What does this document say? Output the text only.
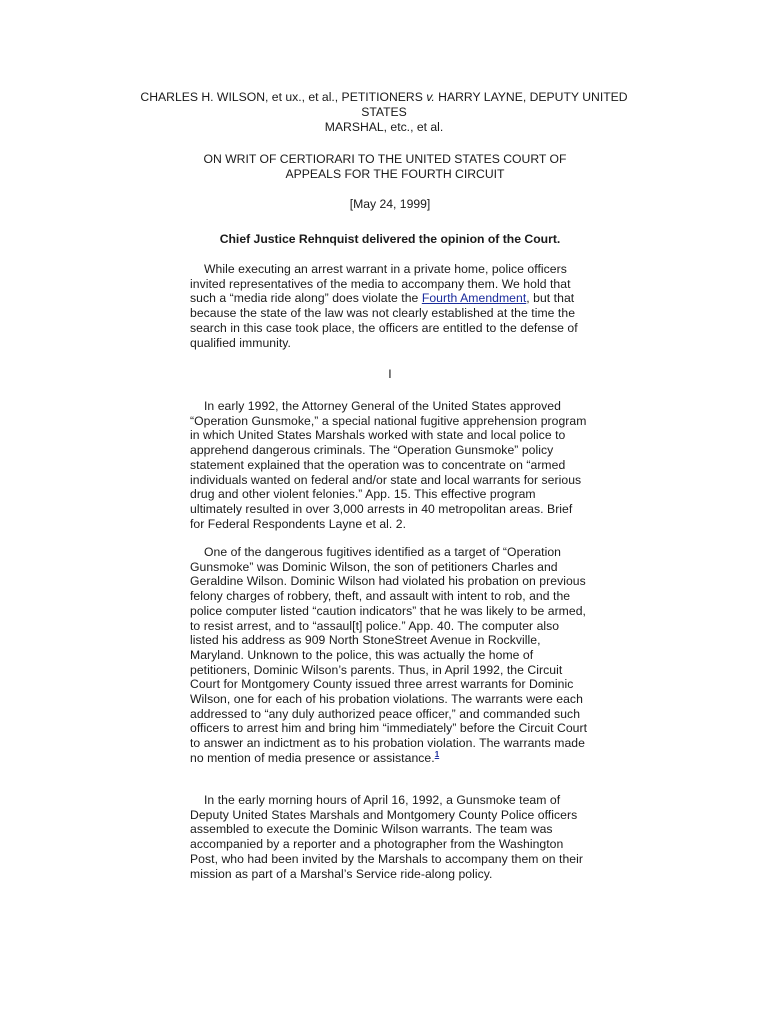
CHARLES H. WILSON, et ux., et al., PETITIONERS v. HARRY LAYNE, DEPUTY UNITED STATES
MARSHAL, etc., et al.
ON WRIT OF CERTIORARI TO THE UNITED STATES COURT OF
APPEALS FOR THE FOURTH CIRCUIT
[May 24, 1999]
Chief Justice Rehnquist delivered the opinion of the Court.

While executing an arrest warrant in a private home, police officers invited representatives of the media to accompany them. We hold that such a “media ride along” does violate the Fourth Amendment, but that because the state of the law was not clearly established at the time the search in this case took place, the officers are entitled to the defense of qualified immunity.

I

In early 1992, the Attorney General of the United States approved “Operation Gunsmoke,” a special national fugitive apprehension program in which United States Marshals worked with state and local police to apprehend dangerous criminals. The “Operation Gunsmoke” policy statement explained that the operation was to concentrate on “armed individuals wanted on federal and/or state and local warrants for serious drug and other violent felonies.” App. 15. This effective program ultimately resulted in over 3,000 arrests in 40 metropolitan areas. Brief for Federal Respondents Layne et al. 2.

One of the dangerous fugitives identified as a target of “Operation Gunsmoke” was Dominic Wilson, the son of petitioners Charles and Geraldine Wilson. Dominic Wilson had violated his probation on previous felony charges of robbery, theft, and assault with intent to rob, and the police computer listed “caution indicators” that he was likely to be armed, to resist arrest, and to “assaul[t] police.” App. 40. The computer also listed his address as 909 North StoneStreet Avenue in Rockville, Maryland. Unknown to the police, this was actually the home of petitioners, Dominic Wilson’s parents. Thus, in April 1992, the Circuit Court for Montgomery County issued three arrest warrants for Dominic Wilson, one for each of his probation violations. The warrants were each addressed to “any duly authorized peace officer,” and commanded such officers to arrest him and bring him “immediately” before the Circuit Court to answer an indictment as to his probation violation. The warrants made no mention of media presence or assistance.$^1$

In the early morning hours of April 16, 1992, a Gunsmoke team of Deputy United States Marshals and Montgomery County Police officers assembled to execute the Dominic Wilson warrants. The team was accompanied by a reporter and a photographer from the Washington Post, who had been invited by the Marshals to accompany them on their mission as part of a Marshal’s Service ride-along policy.
